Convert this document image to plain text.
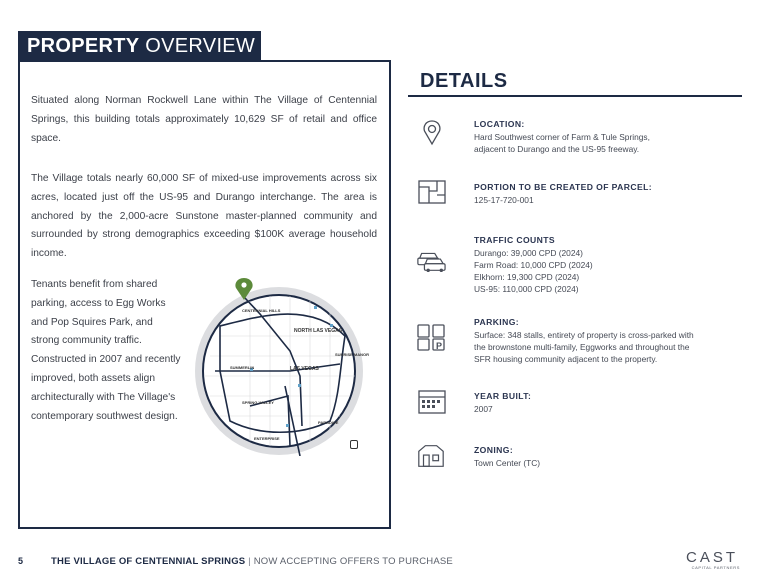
PROPERTY OVERVIEW

Situated along Norman Rockwell Lane within The Village of Centennial Springs, this building totals approximately 10,629 SF of retail and office space.

The Village totals nearly 60,000 SF of mixed-use improvements across six acres, located just off the US-95 and Durango interchange. The area is anchored by the 2,000-acre Sunstone master-planned community and surrounded by strong demographics exceeding $100K average household income.

Tenants benefit from shared parking, access to Egg Works and Pop Squires Park, and strong community traffic. Constructed in 2007 and recently improved, both assets align architecturally with The Village's contemporary southwest design.

CENTENNIAL HILLS
NORTH LAS VEGAS
SUMMERLIN	LAS VEGAS
SUNRISE MANOR
SPRING VALLEY
PARADISE
ENTERPRISE
DETAILS
P
LOCATION:
Hard Southwest corner of Farm & Tule Springs,
adjacent to Durango and the US-95 freeway.
PORTION TO BE CREATED OF PARCEL:
125-17-720-001
TRAFFIC COUNTS
Durango: 39,000 CPD (2024)
Farm Road: 10,000 CPD (2024)
Elkhorn: 19,300 CPD (2024)
US-95: 110,000 CPD (2024)
PARKING:
Surface: 348 stalls, entirety of property is cross-parked with
the brownstone multi-family, Eggworks and throughout the
SFR housing community adjacent to the property.
YEAR BUILT:
2007
ZONING:
Town Center (TC)
5	THE VILLAGE OF CENTENNIAL SPRINGS | NOW ACCEPTING OFFERS TO PURCHASE	CAST
CAPITAL PARTNERS
